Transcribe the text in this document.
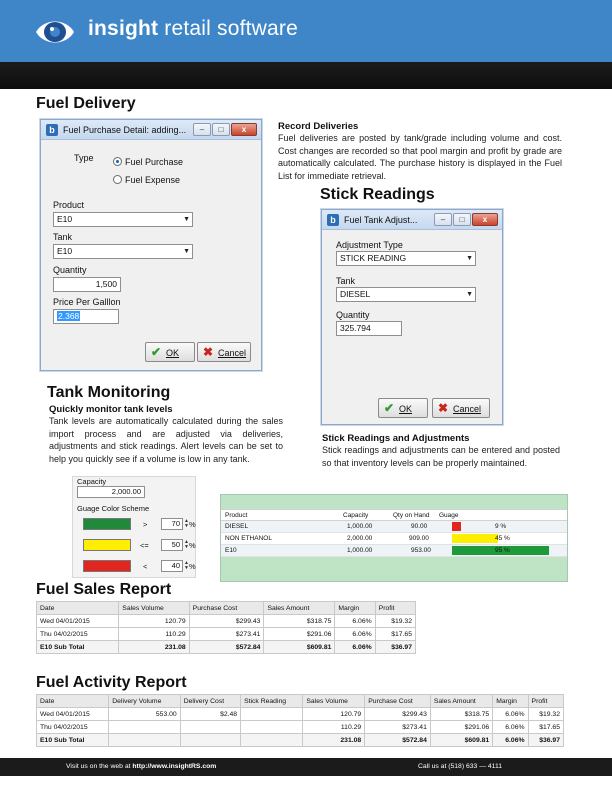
insight retail software
Fuel Delivery
b Fuel Purchase Detail: adding...	–	□	x
Type	Fuel Purchase
Fuel Expense
Product
E10	▼
Tank
E10	▼
Quantity
1,500
Price Per Galllon
2.368
✔ OK	✖ Cancel
Record Deliveries
Fuel deliveries are posted by tank/grade including volume and cost. Cost changes are recorded so that pool margin and profit by grade are automatically calculated. The purchase history is displayed in the Fuel List for immediate retrieval.
Stick Readings
b Fuel Tank Adjust...	–	□	x
Adjustment Type
STICK READING	▼
Tank
DIESEL	▼
Quantity
325.794
✔ OK	✖ Cancel
Stick Readings and Adjustments
Stick readings and adjustments can be entered and posted so that inventory levels can be properly maintained.
Tank Monitoring
Quickly monitor tank levels
Tank levels are automatically calculated during the sales import process and are adjusted via deliveries, adjustments and stick readings. Alert levels can be set to help you quickly see if a volume is low in any tank.
Capacity
2,000.00
Guage Color Scheme
>	70 ▲
▼ %
<=	50 ▲
▼ %
<	40 ▲
▼ %
Product	Capacity	Qty on Hand Guage
DIESEL	1,000.00	90.00	9 %
NON ETHANOL	2,000.00	909.00	45 %
E10	1,000.00	953.00	95 %
Fuel Sales Report
Date	Sales Volume	Purchase Cost	Sales Amount	Margin	Profit
Wed 04/01/2015	120.79	$299.43	$318.75	6.06%	$19.32
Thu 04/02/2015	110.29	$273.41	$291.06	6.06%	$17.65
E10 Sub Total	231.08	$572.84	$609.81	6.06%	$36.97
Fuel Activity Report
Date	Delivery Volume	Delivery Cost	Stick Reading	Sales Volume	Purchase Cost	Sales Amount	Margin	Profit
Wed 04/01/2015	553.00	$2.48		120.79	$299.43	$318.75	6.06%	$19.32
Thu 04/02/2015				110.29	$273.41	$291.06	6.06%	$17.65
E10 Sub Total				231.08	$572.84	$609.81	6.06%	$36.97
Visit us on the web at http://www.insightRS.com	Call us at (518) 633 — 4111
